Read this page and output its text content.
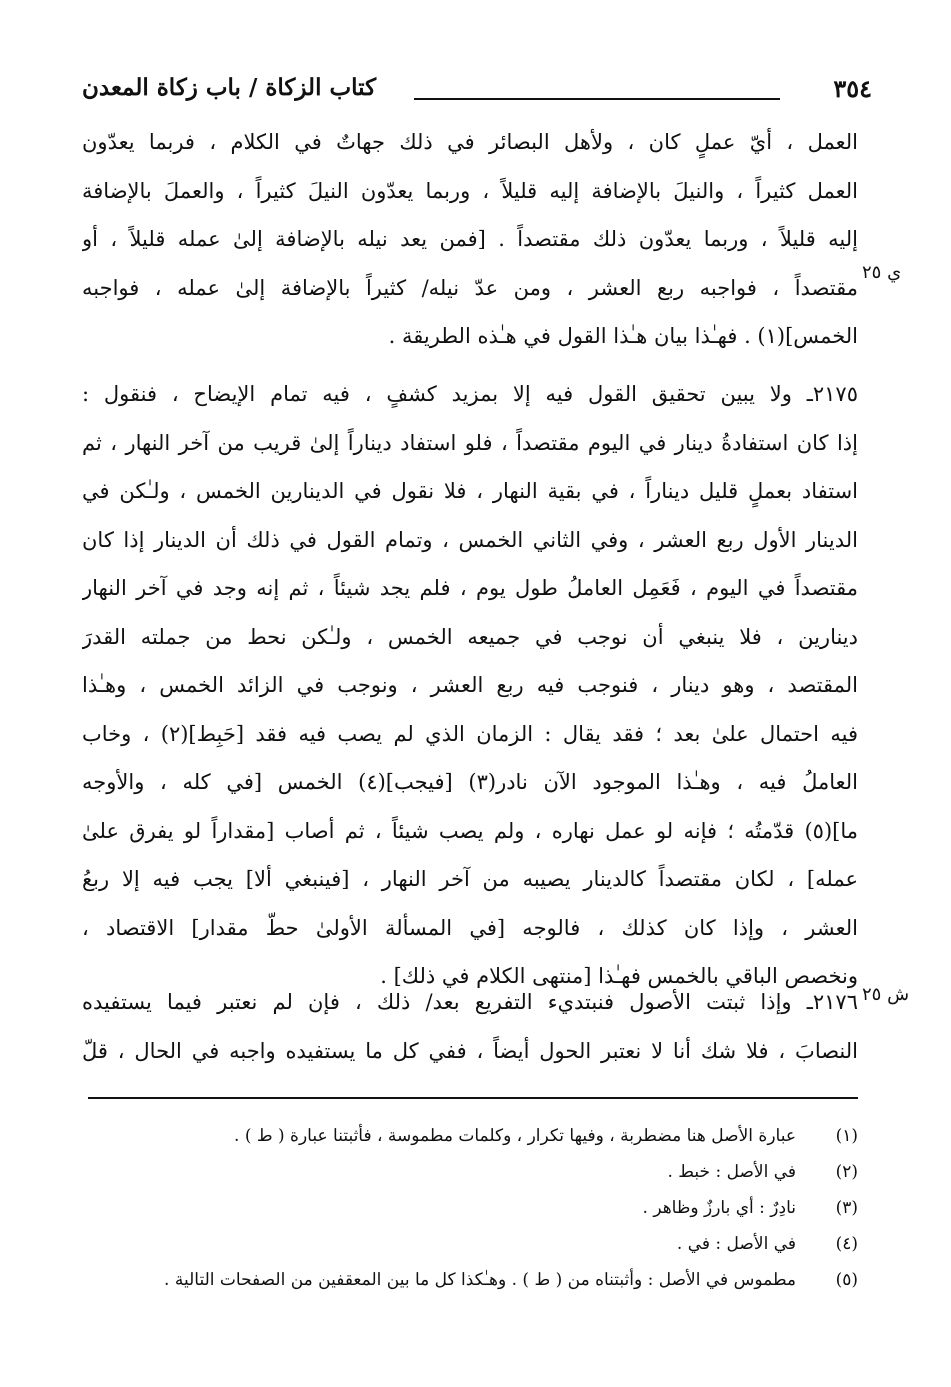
٣٥٤
كتاب الزكاة / باب زكاة المعدن
العمل ، أيّ عملٍ كان ، ولأهل البصائر في ذلك جهاتٌ في الكلام ، فربما يعدّون
العمل كثيراً ، والنيلَ بالإضافة إليه قليلاً ، وربما يعدّون النيلَ كثيراً ، والعملَ بالإضافة
إليه قليلاً ، وربما يعدّون ذلك مقتصداً . [فمن يعد نيله بالإضافة إلىٰ عمله قليلاً ، أو
مقتصداً ، فواجبه ربع العشر ، ومن عدّ نيله/ كثيراً بالإضافة إلىٰ عمله ، فواجبه
الخمس](١) . فهـٰذا بيان هـٰذا القول في هـٰذه الطريقة .
ي ٢٥
٢١٧٥ـ ولا يبين تحقيق القول فيه إلا بمزيد كشفٍ ، فيه تمام الإيضاح ، فنقول :
إذا كان استفادةُ دينار في اليوم مقتصداً ، فلو استفاد ديناراً إلىٰ قريب من آخر النهار ، ثم
استفاد بعملٍ قليل ديناراً ، في بقية النهار ، فلا نقول في الدينارين الخمس ، ولـٰكن في
الدينار الأول ربع العشر ، وفي الثاني الخمس ، وتمام القول في ذلك أن الدينار إذا كان
مقتصداً في اليوم ، فَعَمِل العاملُ طول يوم ، فلم يجد شيئاً ، ثم إنه وجد في آخر النهار
دينارين ، فلا ينبغي أن نوجب في جميعه الخمس ، ولـٰكن نحط من جملته القدرَ
المقتصد ، وهو دينار ، فنوجب فيه ربع العشر ، ونوجب في الزائد الخمس ، وهـٰذا
فيه احتمال علىٰ بعد ؛ فقد يقال : الزمان الذي لم يصب فيه فقد [حَبِط](٢) ، وخاب
العاملُ فيه ، وهـٰذا الموجود الآن نادر(٣) [فيجب](٤) الخمس [في كله ، والأوجه
ما](٥) قدّمتُه ؛ فإنه لو عمل نهاره ، ولم يصب شيئاً ، ثم أصاب [مقداراً لو يفرق علىٰ
عمله] ، لكان مقتصداً كالدينار يصيبه من آخر النهار ، [فينبغي ألا] يجب فيه إلا ربعُ
العشر ، وإذا كان كذلك ، فالوجه [في المسألة الأولىٰ حطّ مقدار] الاقتصاد ،
ونخصص الباقي بالخمس فهـٰذا [منتهى الكلام في ذلك] .
ش ٢٥
٢١٧٦ـ وإذا ثبتت الأصول فنبتديء التفريع بعد/ ذلك ، فإن لم نعتبر فيما يستفيده
النصابَ ، فلا شك أنا لا نعتبر الحول أيضاً ، ففي كل ما يستفيده واجبه في الحال ، قلّ
(١)
عبارة الأصل هنا مضطربة ، وفيها تكرار ، وكلمات مطموسة ، فأثبتنا عبارة ( ط ) .
(٢)
في الأصل : خبط .
(٣)
نادِرٌ : أي بارزٌ وظاهر .
(٤)
في الأصل : في .
(٥)
مطموس في الأصل : وأثبتناه من ( ط ) . وهـٰكذا كل ما بين المعقفين من الصفحات التالية .
